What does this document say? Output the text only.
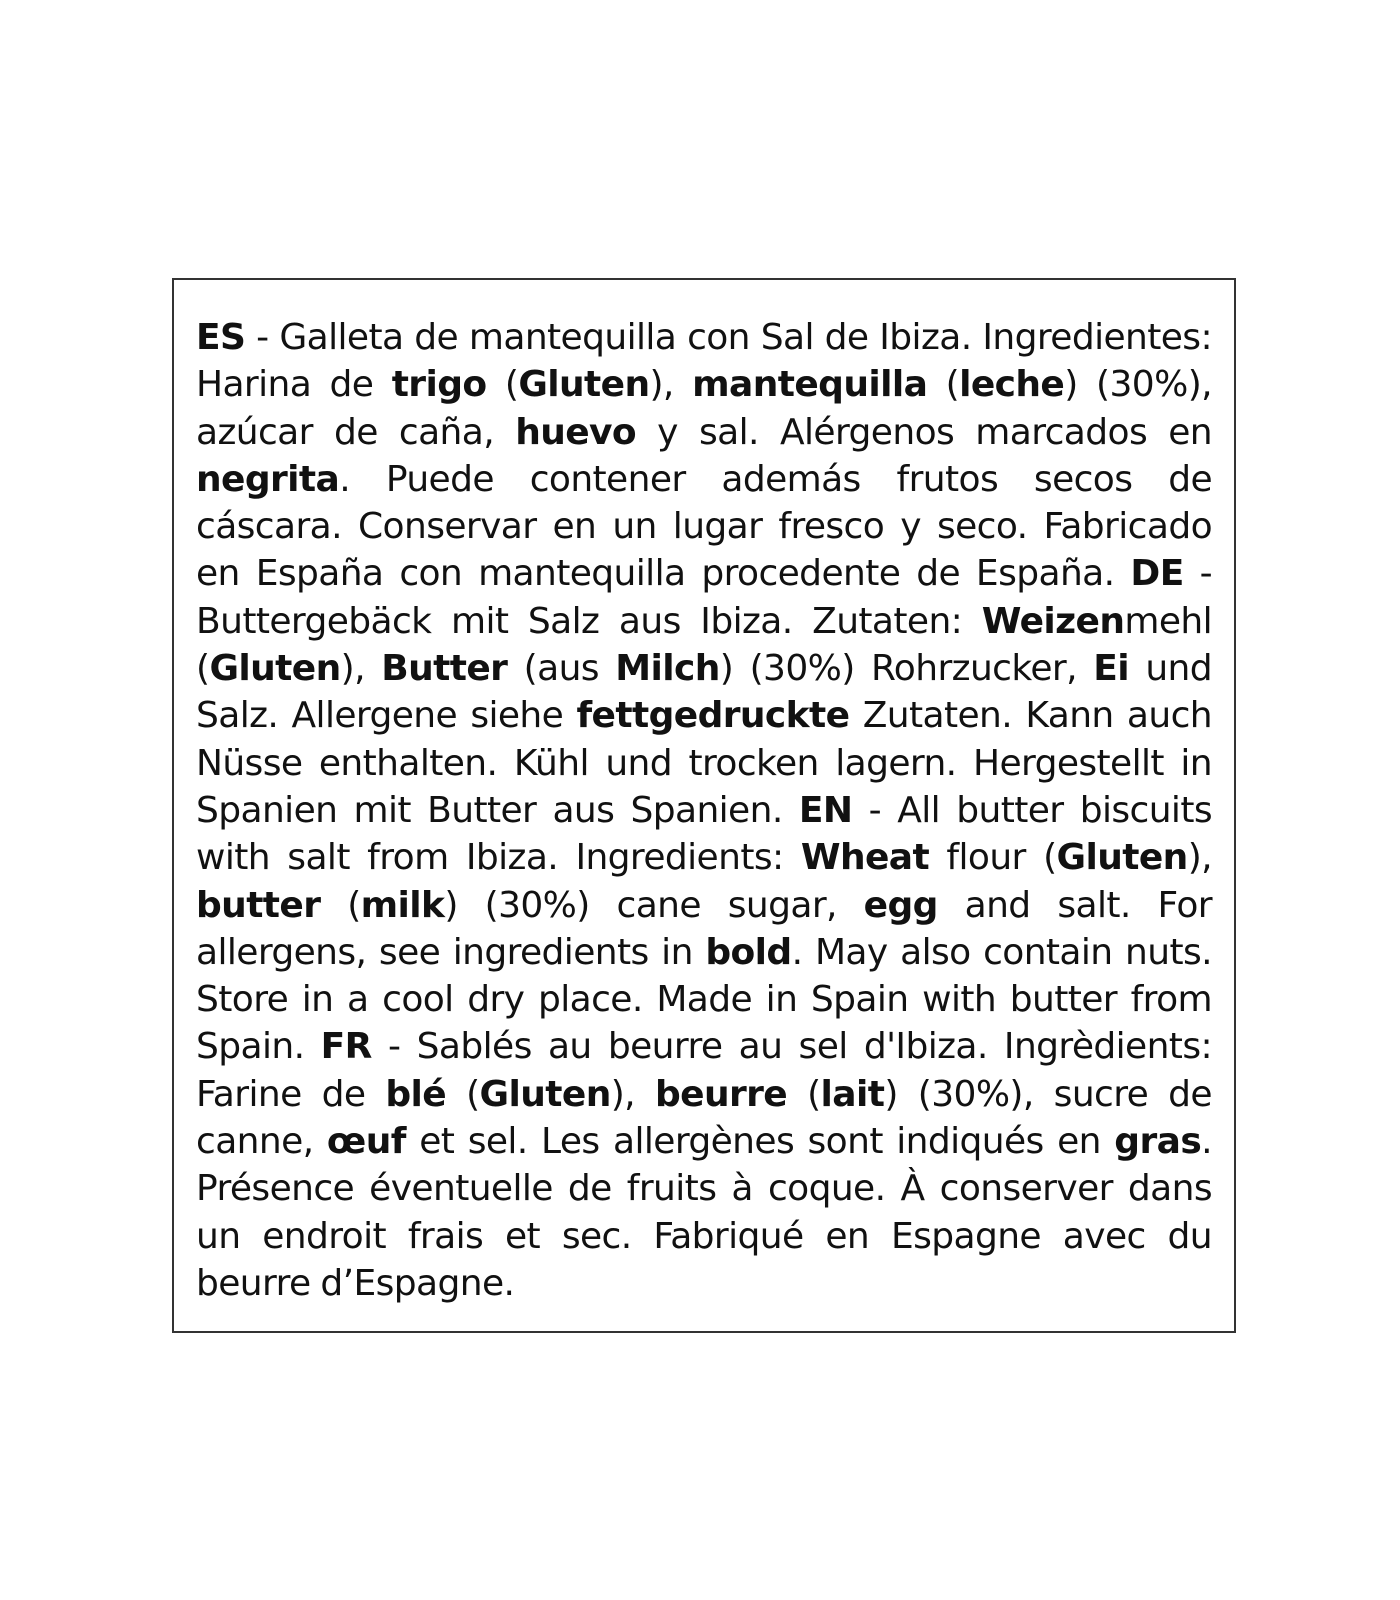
ES - Galleta de mantequilla con Sal de Ibiza. Ingredientes: Harina de trigo (Gluten), mantequilla (leche) (30%), azúcar de caña, huevo y sal. Alérgenos marcados en negrita. Puede contener además frutos secos de cáscara. Conservar en un lugar fresco y seco. Fabricado en España con mantequilla procedente de España. DE - Buttergebäck mit Salz aus Ibiza. Zutaten: Weizenmehl (Gluten), Butter (aus Milch) (30%) Rohrzucker, Ei und Salz. Allergene siehe fettgedruckte Zutaten. Kann auch Nüsse enthalten. Kühl und trocken lagern. Hergestellt in Spanien mit Butter aus Spanien. EN - All butter biscuits with salt from Ibiza. Ingredients: Wheat flour (Gluten), butter (milk) (30%) cane sugar, egg and salt. For allergens, see ingredients in bold. May also contain nuts. Store in a cool dry place. Made in Spain with butter from Spain. FR - Sablés au beurre au sel d'Ibiza. Ingrèdients: Farine de blé (Gluten), beurre (lait) (30%), sucre de canne, œuf et sel. Les allergènes sont indiqués en gras. Présence éventuelle de fruits à coque. À conserver dans un endroit frais et sec. Fabriqué en Espagne avec du beurre d’Espagne.
